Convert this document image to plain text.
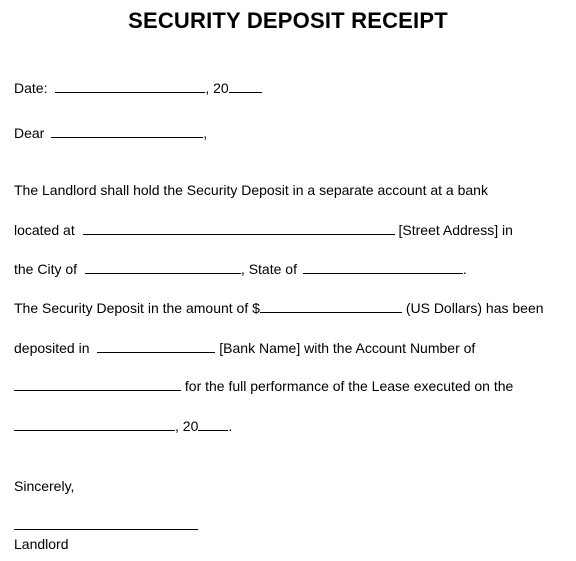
SECURITY DEPOSIT RECEIPT
Date:	, 20
Dear	,
The Landlord shall hold the Security Deposit in a separate account at a bank
located at	[Street Address] in
the City of	, State of	.
The Security Deposit in the amount of $	(US Dollars) has been
deposited in	[Bank Name] with the Account Number of
for the full performance of the Lease executed on the
, 20 .
Sincerely,
Landlord
